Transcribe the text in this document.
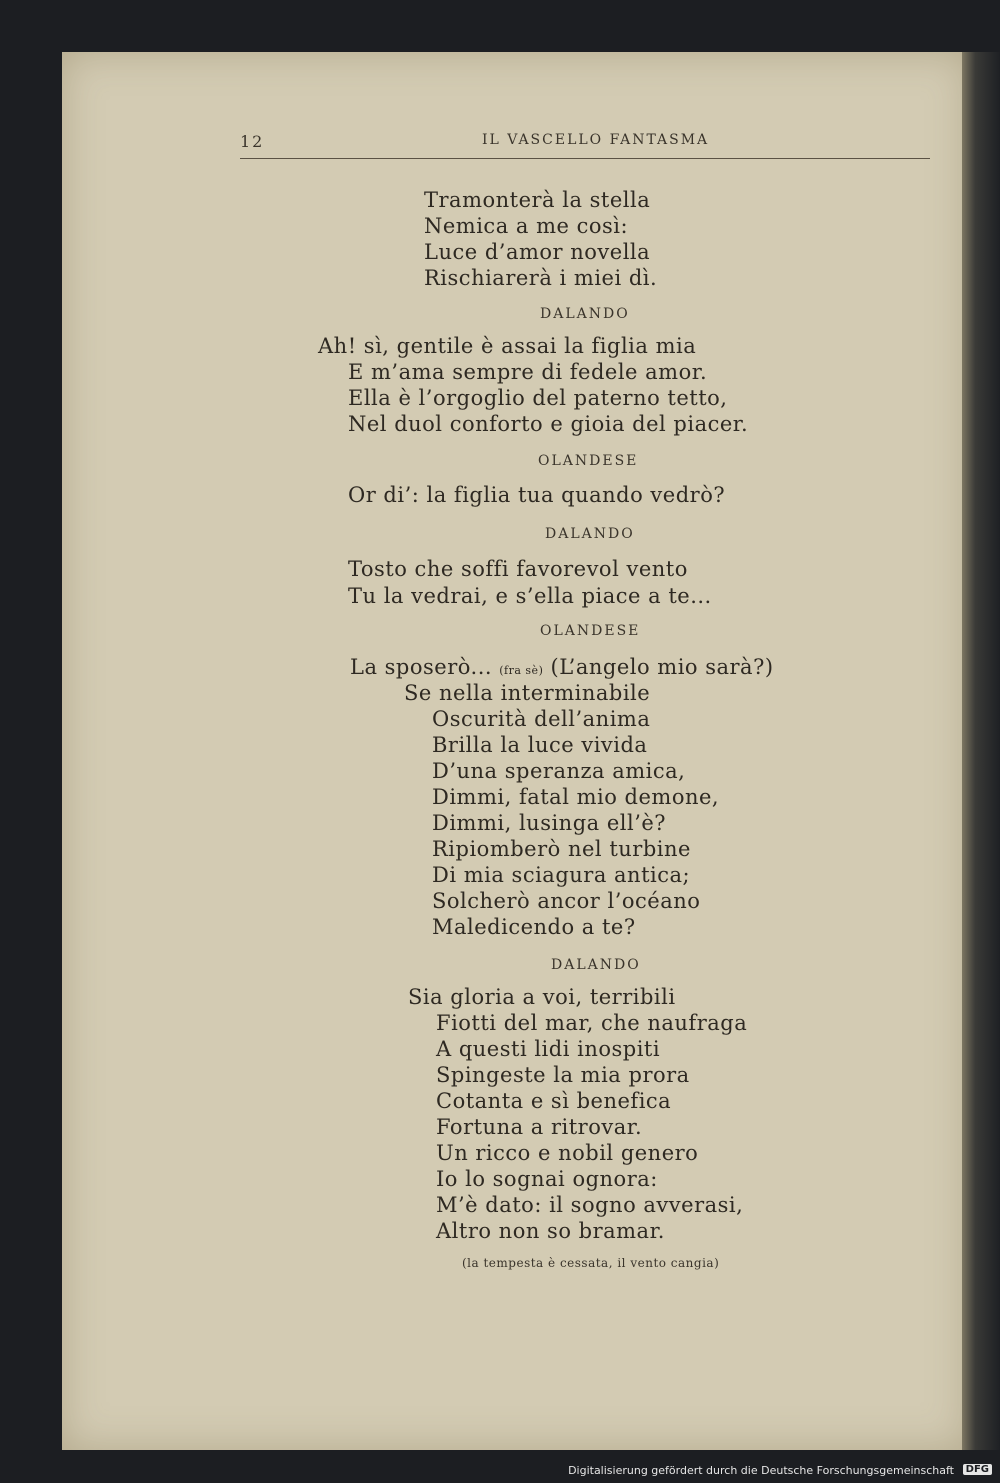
12	IL VASCELLO FANTASMA
Tramonterà la stella
Nemica a me così:
Luce d’amor novella
Rischiarerà i miei dì.
DALANDO
Ah! sì, gentile è assai la figlia mia
E m’ama sempre di fedele amor.
Ella è l’orgoglio del paterno tetto,
Nel duol conforto e gioia del piacer.
OLANDESE
Or di’: la figlia tua quando vedrò?
DALANDO
Tosto che soffi favorevol vento
Tu la vedrai, e s’ella piace a te...
OLANDESE
La sposerò... (fra sè) (L’angelo mio sarà?)
Se nella interminabile
Oscurità dell’anima
Brilla la luce vivida
D’una speranza amica,
Dimmi, fatal mio demone,
Dimmi, lusinga ell’è?
Ripiomberò nel turbine
Di mia sciagura antica;
Solcherò ancor l’océano
Maledicendo a te?
DALANDO
Sia gloria a voi, terribili
Fiotti del mar, che naufraga
A questi lidi inospiti
Spingeste la mia prora
Cotanta e sì benefica
Fortuna a ritrovar.
Un ricco e nobil genero
Io lo sognai ognora:
M’è dato: il sogno avverasi,
Altro non so bramar.
(la tempesta è cessata, il vento cangia)
Digitalisierung gefördert durch die Deutsche Forschungsgemeinschaft	DFG
